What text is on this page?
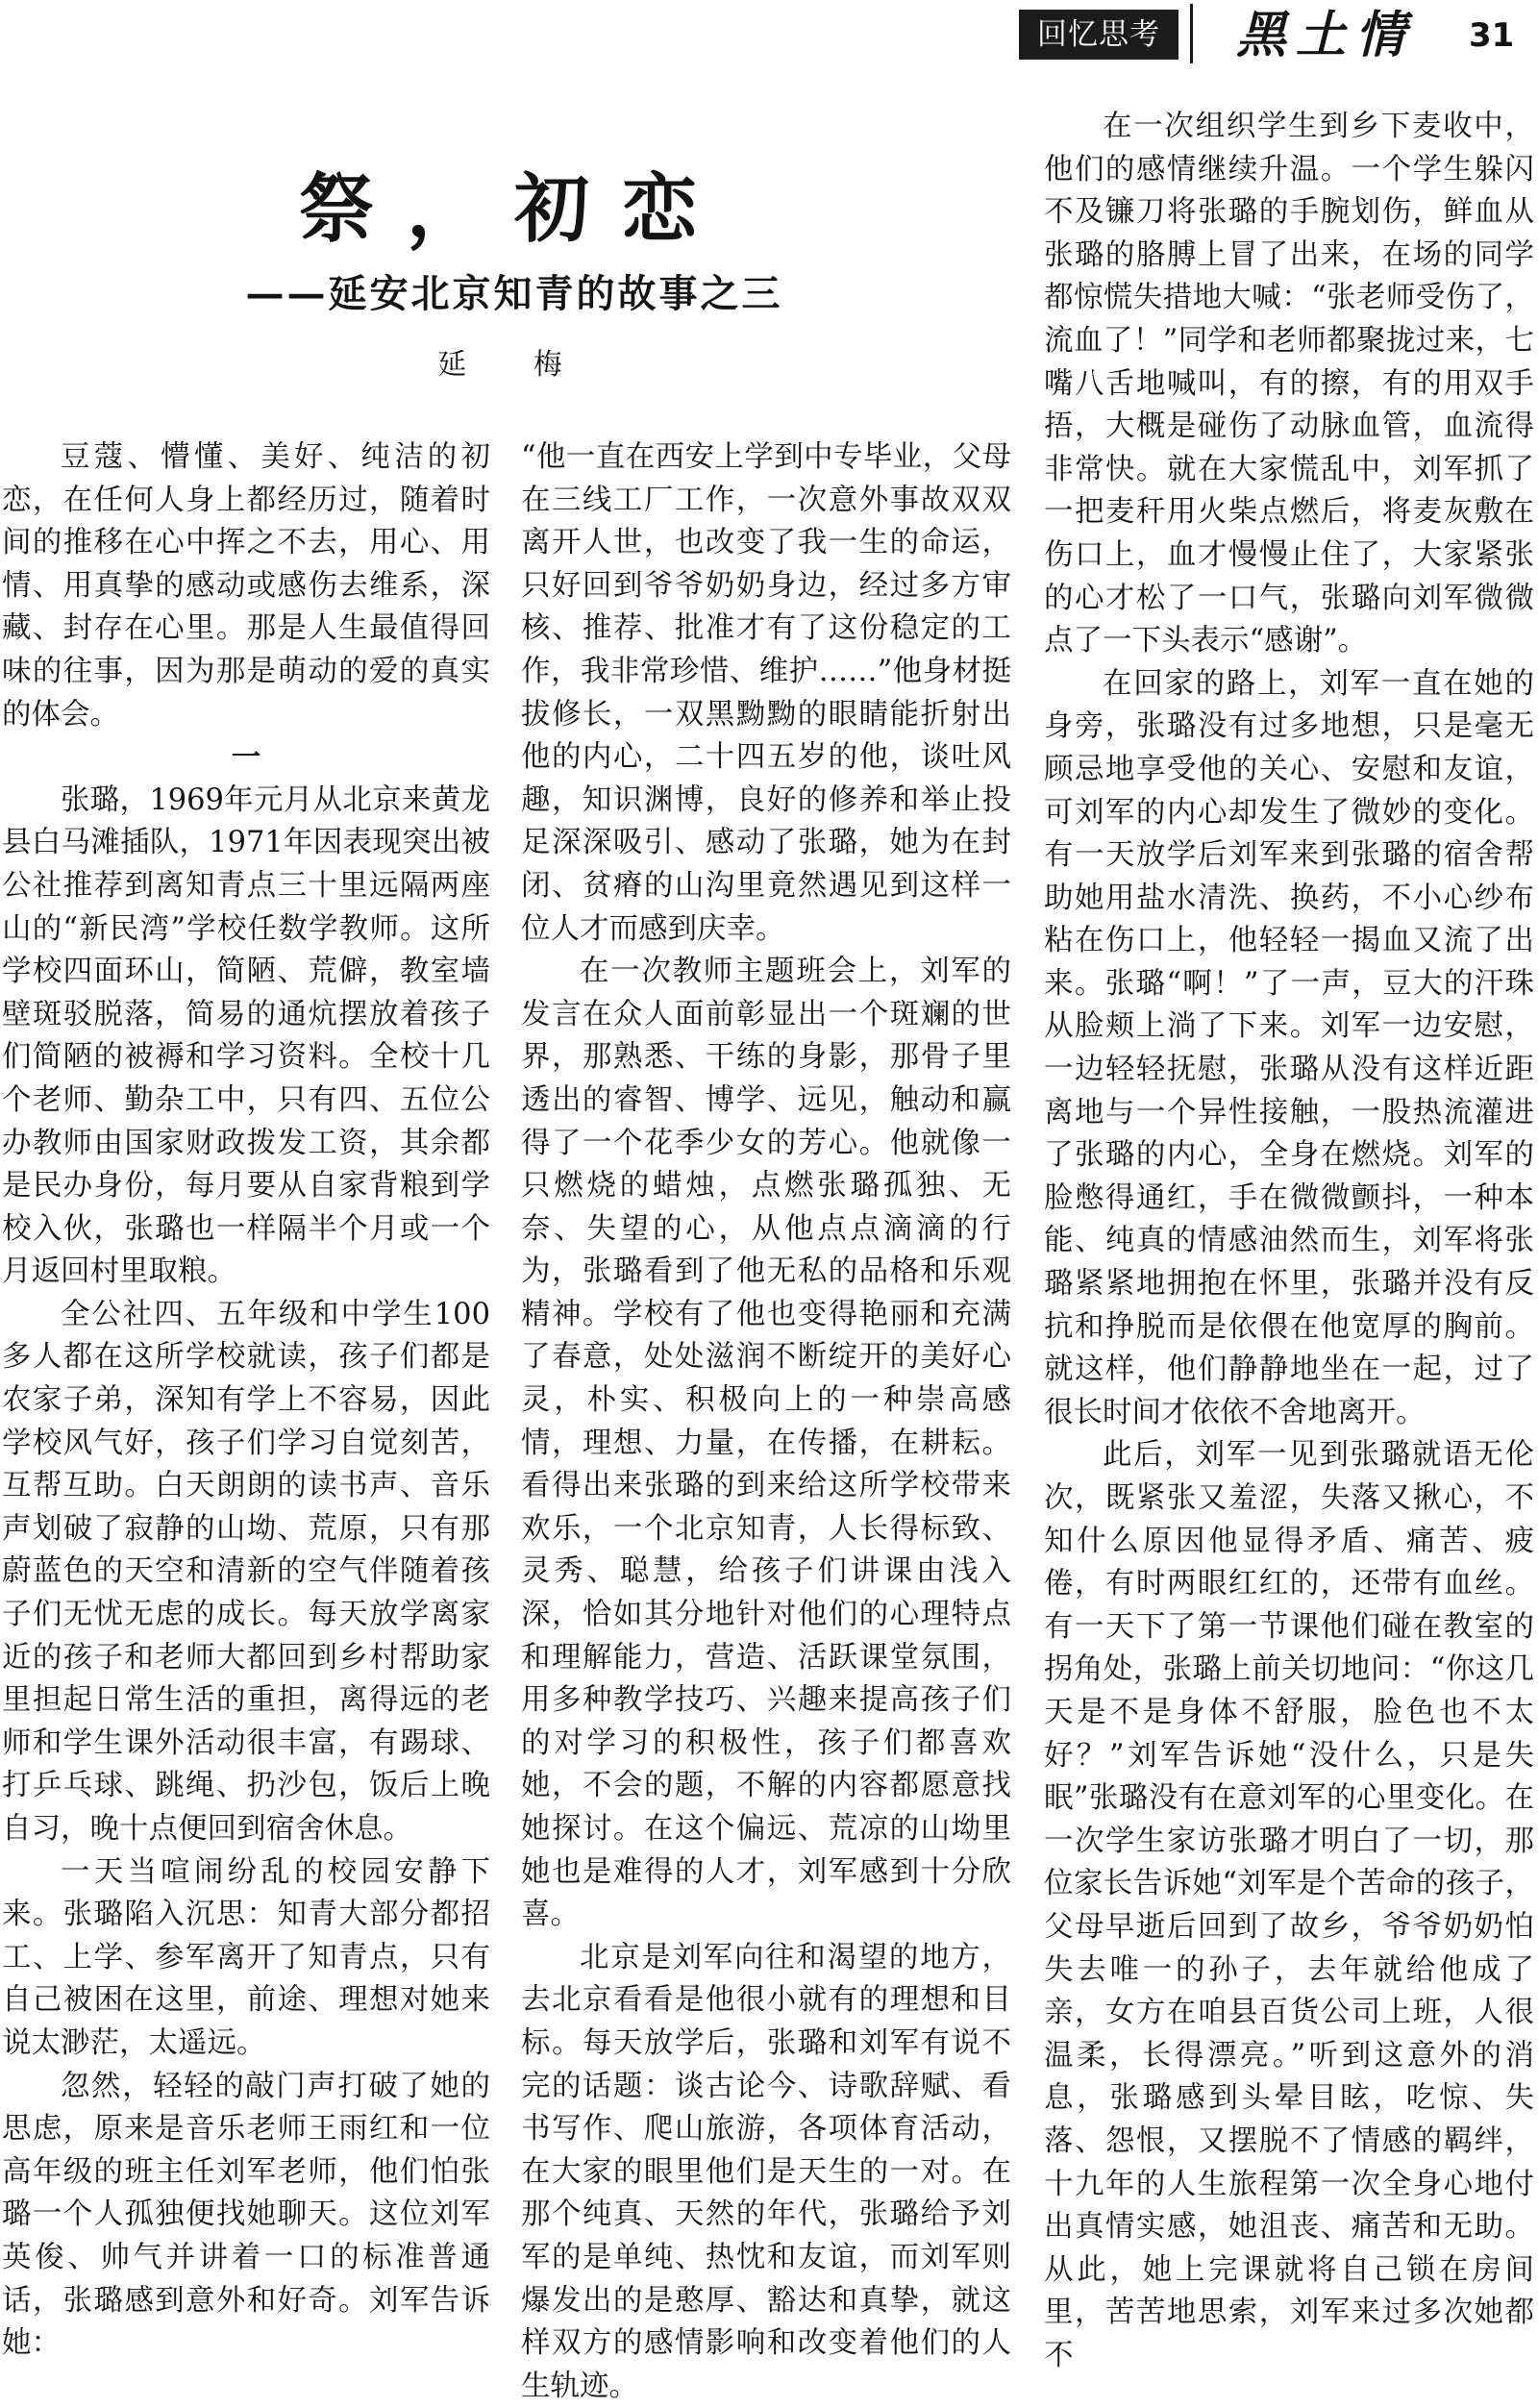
回忆思考	黑土情 31
祭，初恋
——延安北京知青的故事之三
延 梅

豆蔻、懵懂、美好、纯洁的初恋，在任何人身上都经历过，随着时间的推移在心中挥之不去，用心、用情、用真挚的感动或感伤去维系，深藏、封存在心里。那是人生最值得回味的往事，因为那是萌动的爱的真实的体会。

一

张璐，1969年元月从北京来黄龙县白马滩插队，1971年因表现突出被公社推荐到离知青点三十里远隔两座山的“新民湾”学校任数学教师。这所学校四面环山，简陋、荒僻，教室墙壁斑驳脱落，简易的通炕摆放着孩子们简陋的被褥和学习资料。全校十几个老师、勤杂工中，只有四、五位公办教师由国家财政拨发工资，其余都是民办身份，每月要从自家背粮到学校入伙，张璐也一样隔半个月或一个月返回村里取粮。

全公社四、五年级和中学生100多人都在这所学校就读，孩子们都是农家子弟，深知有学上不容易，因此学校风气好，孩子们学习自觉刻苦，互帮互助。白天朗朗的读书声、音乐声划破了寂静的山坳、荒原，只有那蔚蓝色的天空和清新的空气伴随着孩子们无忧无虑的成长。每天放学离家近的孩子和老师大都回到乡村帮助家里担起日常生活的重担，离得远的老师和学生课外活动很丰富，有踢球、打乒乓球、跳绳、扔沙包，饭后上晚自习，晚十点便回到宿舍休息。

一天当喧闹纷乱的校园安静下来。张璐陷入沉思：知青大部分都招工、上学、参军离开了知青点，只有自己被困在这里，前途、理想对她来说太渺茫，太遥远。

忽然，轻轻的敲门声打破了她的思虑，原来是音乐老师王雨红和一位高年级的班主任刘军老师，他们怕张璐一个人孤独便找她聊天。这位刘军英俊、帅气并讲着一口的标准普通话，张璐感到意外和好奇。刘军告诉她：

“他一直在西安上学到中专毕业，父母在三线工厂工作，一次意外事故双双离开人世，也改变了我一生的命运，只好回到爷爷奶奶身边，经过多方审核、推荐、批准才有了这份稳定的工作，我非常珍惜、维护……”他身材挺拔修长，一双黑黝黝的眼睛能折射出他的内心，二十四五岁的他，谈吐风趣，知识渊博，良好的修养和举止投足深深吸引、感动了张璐，她为在封闭、贫瘠的山沟里竟然遇见到这样一位人才而感到庆幸。

在一次教师主题班会上，刘军的发言在众人面前彰显出一个斑斓的世界，那熟悉、干练的身影，那骨子里透出的睿智、博学、远见，触动和赢得了一个花季少女的芳心。他就像一只燃烧的蜡烛，点燃张璐孤独、无奈、失望的心，从他点点滴滴的行为，张璐看到了他无私的品格和乐观精神。学校有了他也变得艳丽和充满了春意，处处滋润不断绽开的美好心灵，朴实、积极向上的一种崇高感情，理想、力量，在传播，在耕耘。看得出来张璐的到来给这所学校带来欢乐，一个北京知青，人长得标致、灵秀、聪慧，给孩子们讲课由浅入深，恰如其分地针对他们的心理特点和理解能力，营造、活跃课堂氛围，用多种教学技巧、兴趣来提高孩子们的对学习的积极性，孩子们都喜欢她，不会的题，不解的内容都愿意找她探讨。在这个偏远、荒凉的山坳里她也是难得的人才，刘军感到十分欣喜。

北京是刘军向往和渴望的地方，去北京看看是他很小就有的理想和目标。每天放学后，张璐和刘军有说不完的话题：谈古论今、诗歌辞赋、看书写作、爬山旅游，各项体育活动，在大家的眼里他们是天生的一对。在那个纯真、天然的年代，张璐给予刘军的是单纯、热忱和友谊，而刘军则爆发出的是憨厚、豁达和真挚，就这样双方的感情影响和改变着他们的人生轨迹。

在一次组织学生到乡下麦收中，他们的感情继续升温。一个学生躲闪不及镰刀将张璐的手腕划伤，鲜血从张璐的胳膊上冒了出来，在场的同学都惊慌失措地大喊：“张老师受伤了，流血了！”同学和老师都聚拢过来，七嘴八舌地喊叫，有的擦，有的用双手捂，大概是碰伤了动脉血管，血流得非常快。就在大家慌乱中，刘军抓了一把麦秆用火柴点燃后，将麦灰敷在伤口上，血才慢慢止住了，大家紧张的心才松了一口气，张璐向刘军微微点了一下头表示“感谢”。

在回家的路上，刘军一直在她的身旁，张璐没有过多地想，只是毫无顾忌地享受他的关心、安慰和友谊，可刘军的内心却发生了微妙的变化。有一天放学后刘军来到张璐的宿舍帮助她用盐水清洗、换药，不小心纱布粘在伤口上，他轻轻一揭血又流了出来。张璐“啊！”了一声，豆大的汗珠从脸颊上淌了下来。刘军一边安慰，一边轻轻抚慰，张璐从没有这样近距离地与一个异性接触，一股热流灌进了张璐的内心，全身在燃烧。刘军的脸憋得通红，手在微微颤抖，一种本能、纯真的情感油然而生，刘军将张璐紧紧地拥抱在怀里，张璐并没有反抗和挣脱而是依偎在他宽厚的胸前。就这样，他们静静地坐在一起，过了很长时间才依依不舍地离开。

此后，刘军一见到张璐就语无伦次，既紧张又羞涩，失落又揪心，不知什么原因他显得矛盾、痛苦、疲倦，有时两眼红红的，还带有血丝。有一天下了第一节课他们碰在教室的拐角处，张璐上前关切地问：“你这几天是不是身体不舒服，脸色也不太好？”刘军告诉她“没什么，只是失眠”张璐没有在意刘军的心里变化。在一次学生家访张璐才明白了一切，那位家长告诉她“刘军是个苦命的孩子，父母早逝后回到了故乡，爷爷奶奶怕失去唯一的孙子，去年就给他成了亲，女方在咱县百货公司上班，人很温柔，长得漂亮。”听到这意外的消息，张璐感到头晕目眩，吃惊、失落、怨恨，又摆脱不了情感的羁绊，十九年的人生旅程第一次全身心地付出真情实感，她沮丧、痛苦和无助。从此，她上完课就将自己锁在房间里，苦苦地思索，刘军来过多次她都不
